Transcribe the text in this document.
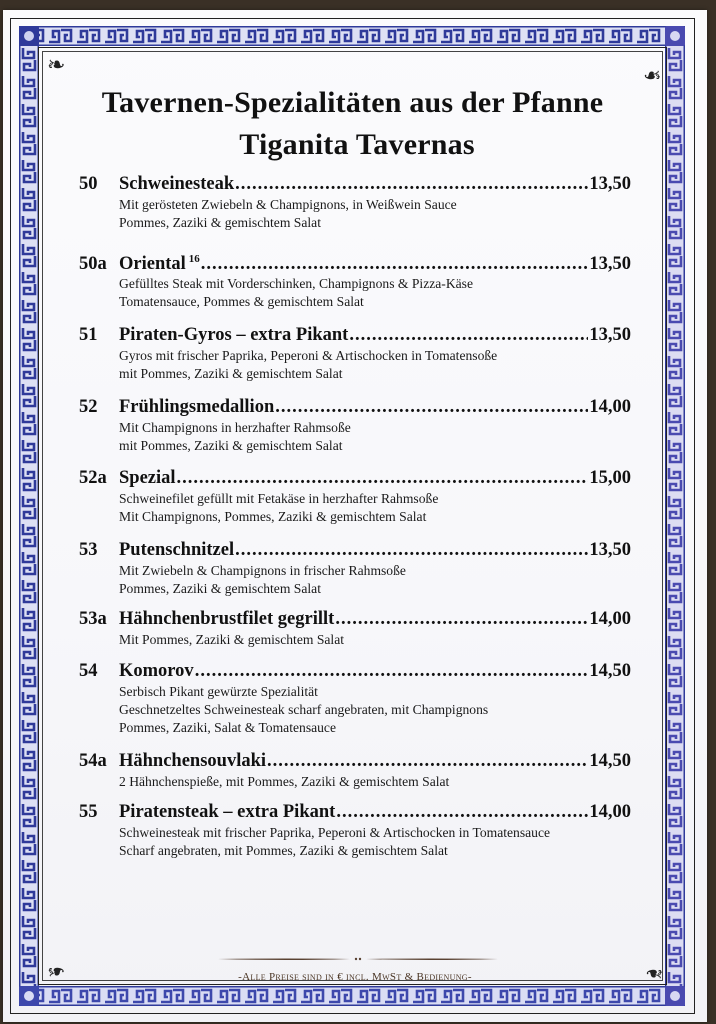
❧	❧
❧	❧
Tavernen-Spezialitäten aus der Pfanne
Tiganita Tavernas
50	Schweinesteak .....	13,50
Mit gerösteten Zwiebeln & Champignons, in Weißwein Sauce
Pommes, Zaziki & gemischtem Salat
50a Oriental $^{16}$ .....	13,50
Gefülltes Steak mit Vorderschinken, Champignons & Pizza-Käse
Tomatensauce, Pommes & gemischtem Salat
51	Piraten-Gyros – extra Pikant .....	13,50
Gyros mit frischer Paprika, Peperoni & Artischocken in Tomatensoße
mit Pommes, Zaziki & gemischtem Salat
52	Frühlingsmedallion .....	14,00
Mit Champignons in herzhafter Rahmsoße
mit Pommes, Zaziki & gemischtem Salat
52a Spezial .....	15,00
Schweinefilet gefüllt mit Fetakäse in herzhafter Rahmsoße
Mit Champignons, Pommes, Zaziki & gemischtem Salat
53	Putenschnitzel .....	13,50
Mit Zwiebeln & Champignons in frischer Rahmsoße
Pommes, Zaziki & gemischtem Salat
53a Hähnchenbrustfilet gegrillt .....	14,00
Mit Pommes, Zaziki & gemischtem Salat
54	Komorov .....	14,50
Serbisch Pikant gewürzte Spezialität
Geschnetzeltes Schweinesteak scharf angebraten, mit Champignons
Pommes, Zaziki, Salat & Tomatensauce
54a Hähnchensouvlaki .....	14,50
2 Hähnchenspieße, mit Pommes, Zaziki & gemischtem Salat
55	Piratensteak – extra Pikant .....	14,00
Schweinesteak mit frischer Paprika, Peperoni & Artischocken in Tomatensauce
Scharf angebraten, mit Pommes, Zaziki & gemischtem Salat
-Alle Preise sind in € incl. MwSt & Bedienung-
